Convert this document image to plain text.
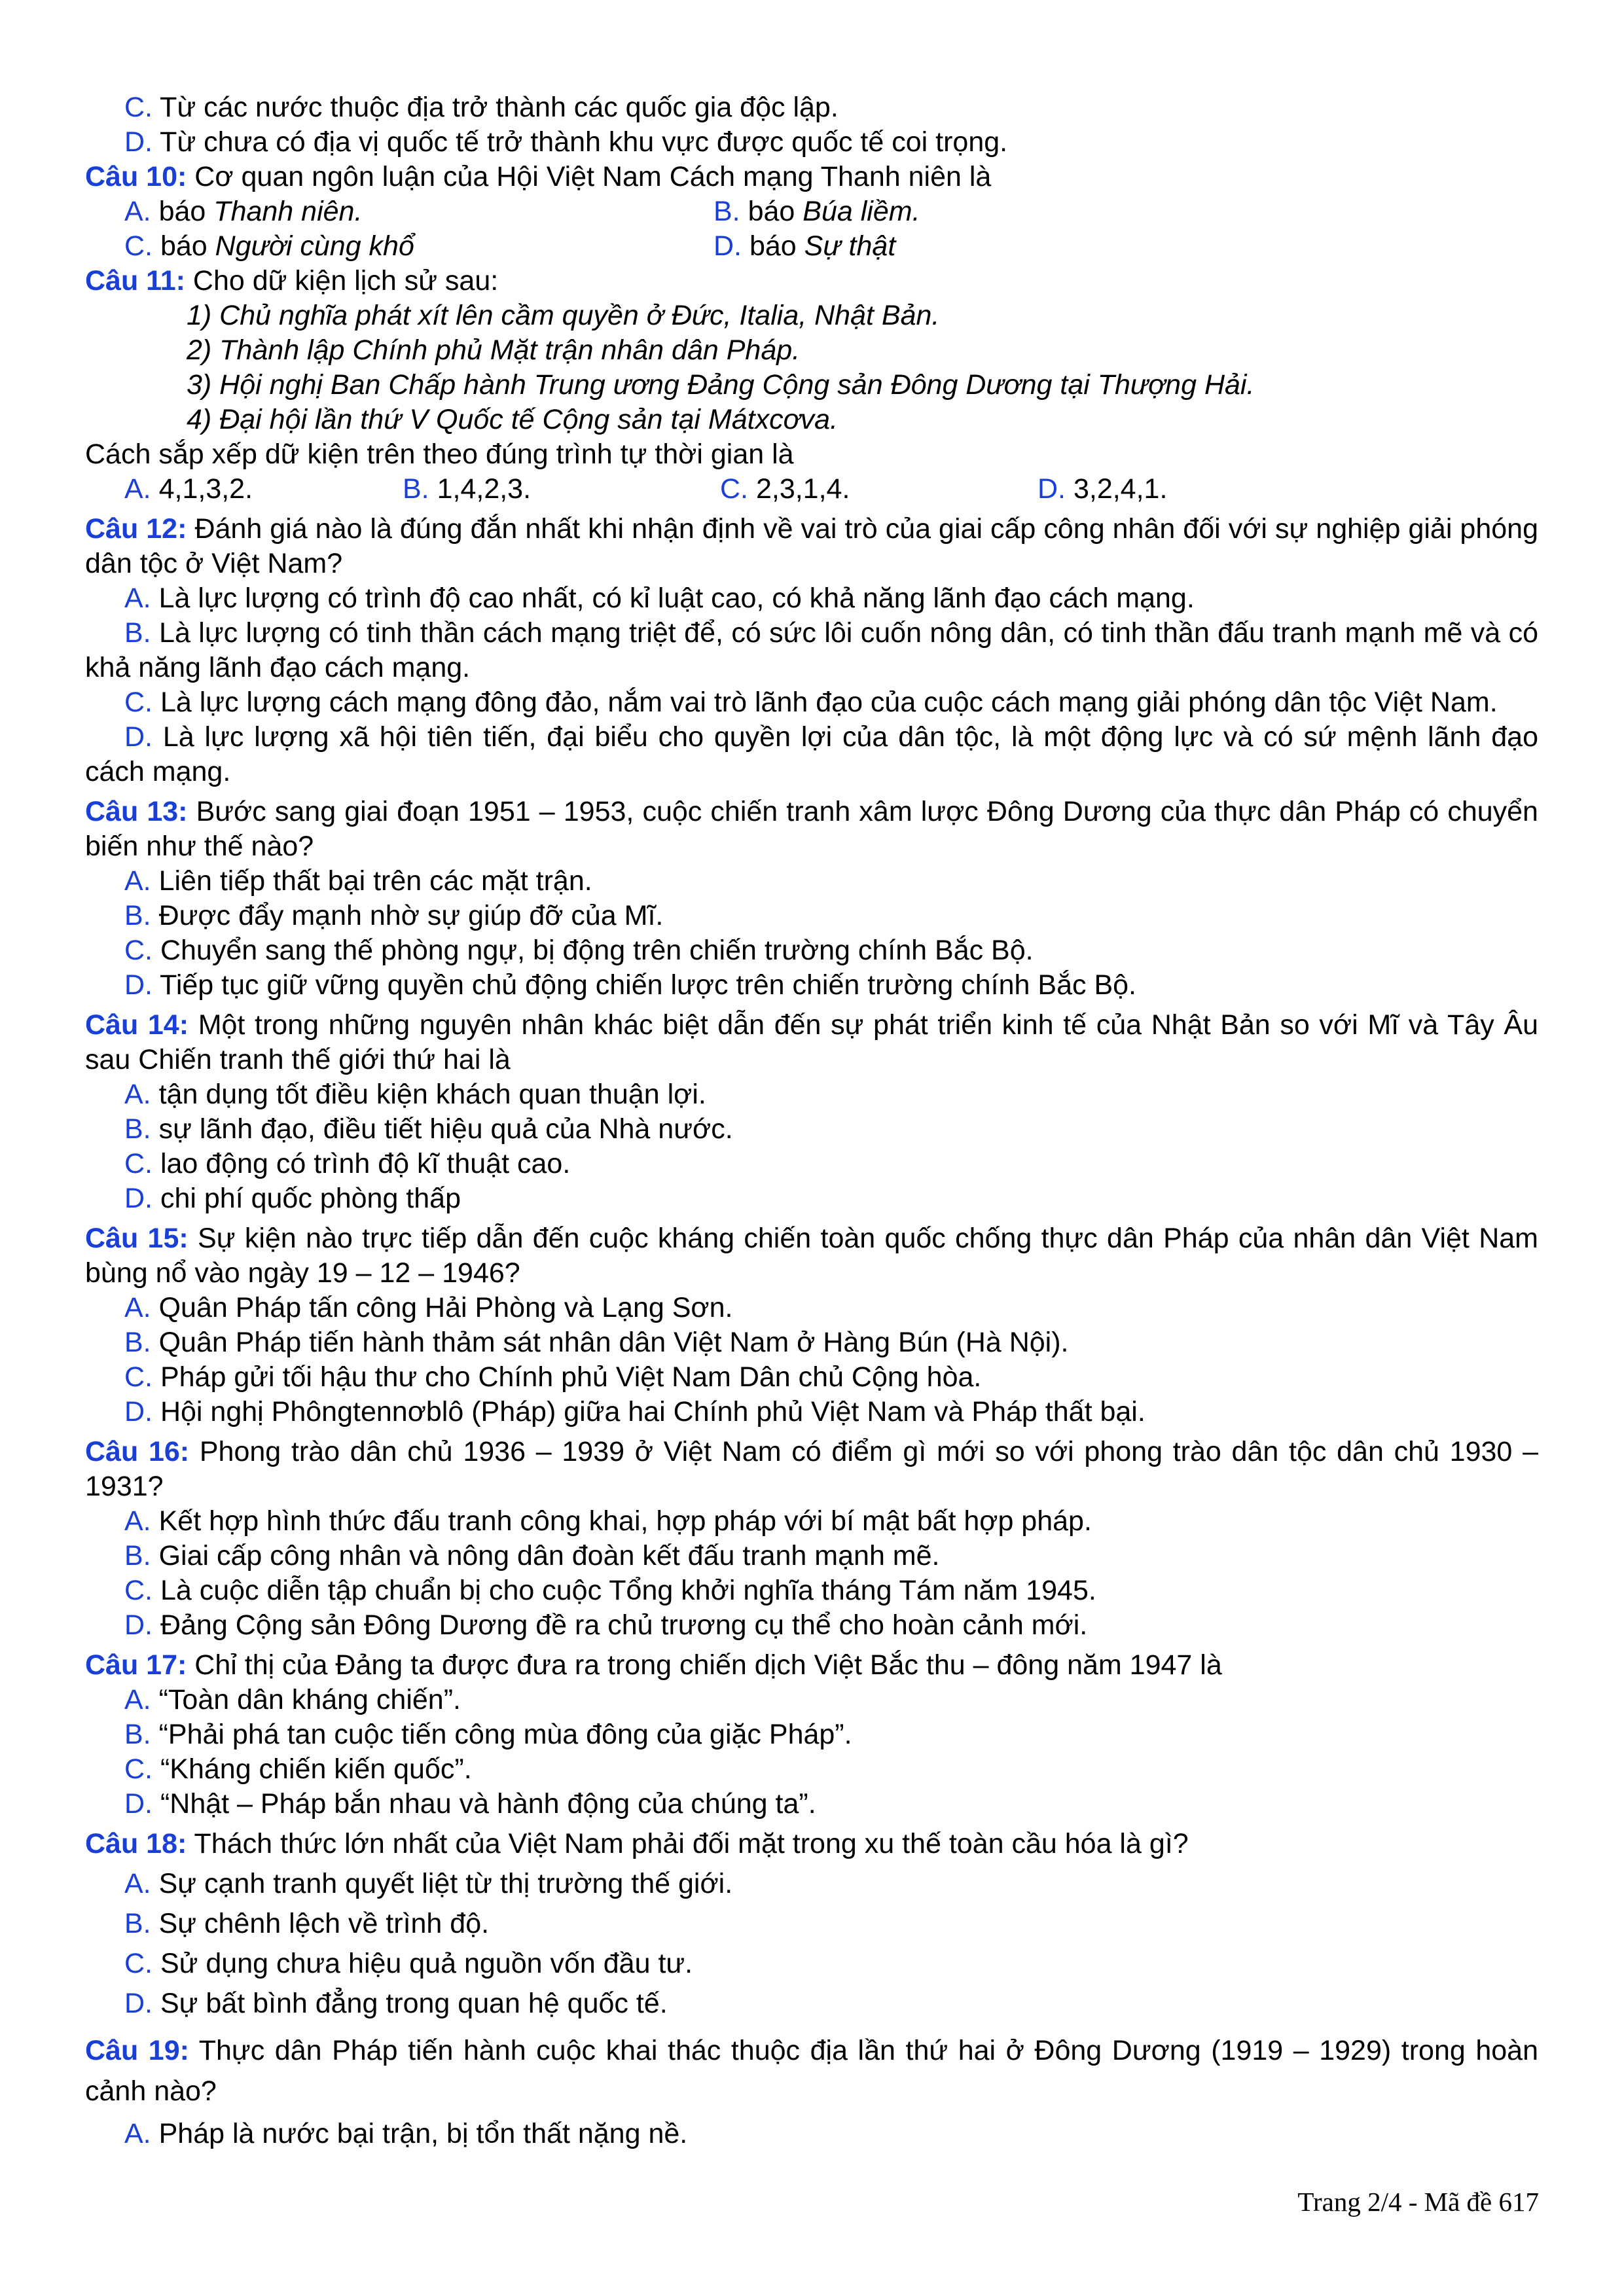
C. Từ các nước thuộc địa trở thành các quốc gia độc lập.
D. Từ chưa có địa vị quốc tế trở thành khu vực được quốc tế coi trọng.
Câu 10: Cơ quan ngôn luận của Hội Việt Nam Cách mạng Thanh niên là
A. báo Thanh niên.	B. báo Búa liềm.
C. báo Người cùng khổ	D. báo Sự thật
Câu 11: Cho dữ kiện lịch sử sau:
1) Chủ nghĩa phát xít lên cầm quyền ở Đức, Italia, Nhật Bản.
2) Thành lập Chính phủ Mặt trận nhân dân Pháp.
3) Hội nghị Ban Chấp hành Trung ương Đảng Cộng sản Đông Dương tại Thượng Hải.
4) Đại hội lần thứ V Quốc tế Cộng sản tại Mátxcơva.
Cách sắp xếp dữ kiện trên theo đúng trình tự thời gian là
A. 4,1,3,2.	B. 1,4,2,3.	C. 2,3,1,4.	D. 3,2,4,1.
Câu 12: Đánh giá nào là đúng đắn nhất khi nhận định về vai trò của giai cấp công nhân đối với sự nghiệp giải phóng dân tộc ở Việt Nam?
A. Là lực lượng có trình độ cao nhất, có kỉ luật cao, có khả năng lãnh đạo cách mạng.
B. Là lực lượng có tinh thần cách mạng triệt để, có sức lôi cuốn nông dân, có tinh thần đấu tranh mạnh mẽ và có khả năng lãnh đạo cách mạng.
C. Là lực lượng cách mạng đông đảo, nắm vai trò lãnh đạo của cuộc cách mạng giải phóng dân tộc Việt Nam.
D. Là lực lượng xã hội tiên tiến, đại biểu cho quyền lợi của dân tộc, là một động lực và có sứ mệnh lãnh đạo cách mạng.
Câu 13: Bước sang giai đoạn 1951 – 1953, cuộc chiến tranh xâm lược Đông Dương của thực dân Pháp có chuyển biến như thế nào?
A. Liên tiếp thất bại trên các mặt trận.
B. Được đẩy mạnh nhờ sự giúp đỡ của Mĩ.
C. Chuyển sang thế phòng ngự, bị động trên chiến trường chính Bắc Bộ.
D. Tiếp tục giữ vững quyền chủ động chiến lược trên chiến trường chính Bắc Bộ.
Câu 14: Một trong những nguyên nhân khác biệt dẫn đến sự phát triển kinh tế của Nhật Bản so với Mĩ và Tây Âu sau Chiến tranh thế giới thứ hai là
A. tận dụng tốt điều kiện khách quan thuận lợi.
B. sự lãnh đạo, điều tiết hiệu quả của Nhà nước.
C. lao động có trình độ kĩ thuật cao.
D. chi phí quốc phòng thấp
Câu 15: Sự kiện nào trực tiếp dẫn đến cuộc kháng chiến toàn quốc chống thực dân Pháp của nhân dân Việt Nam bùng nổ vào ngày 19 – 12 – 1946?
A. Quân Pháp tấn công Hải Phòng và Lạng Sơn.
B. Quân Pháp tiến hành thảm sát nhân dân Việt Nam ở Hàng Bún (Hà Nội).
C. Pháp gửi tối hậu thư cho Chính phủ Việt Nam Dân chủ Cộng hòa.
D. Hội nghị Phôngtennơblô (Pháp) giữa hai Chính phủ Việt Nam và Pháp thất bại.
Câu 16: Phong trào dân chủ 1936 – 1939 ở Việt Nam có điểm gì mới so với phong trào dân tộc dân chủ 1930 – 1931?
A. Kết hợp hình thức đấu tranh công khai, hợp pháp với bí mật bất hợp pháp.
B. Giai cấp công nhân và nông dân đoàn kết đấu tranh mạnh mẽ.
C. Là cuộc diễn tập chuẩn bị cho cuộc Tổng khởi nghĩa tháng Tám năm 1945.
D. Đảng Cộng sản Đông Dương đề ra chủ trương cụ thể cho hoàn cảnh mới.
Câu 17: Chỉ thị của Đảng ta được đưa ra trong chiến dịch Việt Bắc thu – đông năm 1947 là
A. “Toàn dân kháng chiến”.
B. “Phải phá tan cuộc tiến công mùa đông của giặc Pháp”.
C. “Kháng chiến kiến quốc”.
D. “Nhật – Pháp bắn nhau và hành động của chúng ta”.
Câu 18: Thách thức lớn nhất của Việt Nam phải đối mặt trong xu thế toàn cầu hóa là gì?
A. Sự cạnh tranh quyết liệt từ thị trường thế giới.
B. Sự chênh lệch về trình độ.
C. Sử dụng chưa hiệu quả nguồn vốn đầu tư.
D. Sự bất bình đẳng trong quan hệ quốc tế.
Câu 19: Thực dân Pháp tiến hành cuộc khai thác thuộc địa lần thứ hai ở Đông Dương (1919 – 1929) trong hoàn cảnh nào?
A. Pháp là nước bại trận, bị tổn thất nặng nề.
Trang 2/4 - Mã đề 617
